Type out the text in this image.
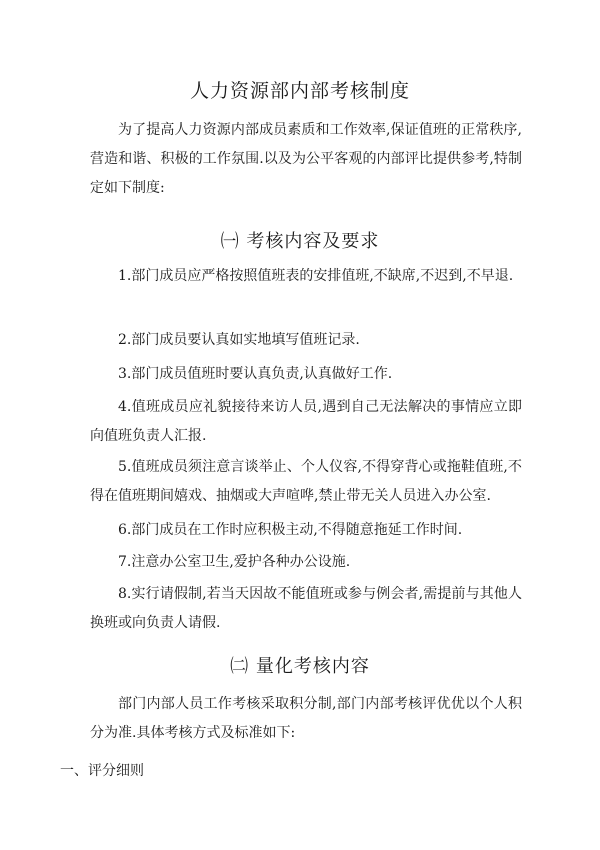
人力资源部内部考核制度

为了提高人力资源内部成员素质和工作效率,保证值班的正常秩序,营造和谐、积极的工作氛围.以及为公平客观的内部评比提供参考,特制定如下制度:

㈠ 考核内容及要求

1.部门成员应严格按照值班表的安排值班,不缺席,不迟到,不早退.

2.部门成员要认真如实地填写值班记录.

3.部门成员值班时要认真负责,认真做好工作.

4.值班成员应礼貌接待来访人员,遇到自己无法解决的事情应立即向值班负责人汇报.

5.值班成员须注意言谈举止、个人仪容,不得穿背心或拖鞋值班,不得在值班期间嬉戏、抽烟或大声喧哗,禁止带无关人员进入办公室.

6.部门成员在工作时应积极主动,不得随意拖延工作时间.

7.注意办公室卫生,爱护各种办公设施.

8.实行请假制,若当天因故不能值班或参与例会者,需提前与其他人换班或向负责人请假.

㈡ 量化考核内容

部门内部人员工作考核采取积分制,部门内部考核评优优以个人积分为准.具体考核方式及标准如下:

一、评分细则
